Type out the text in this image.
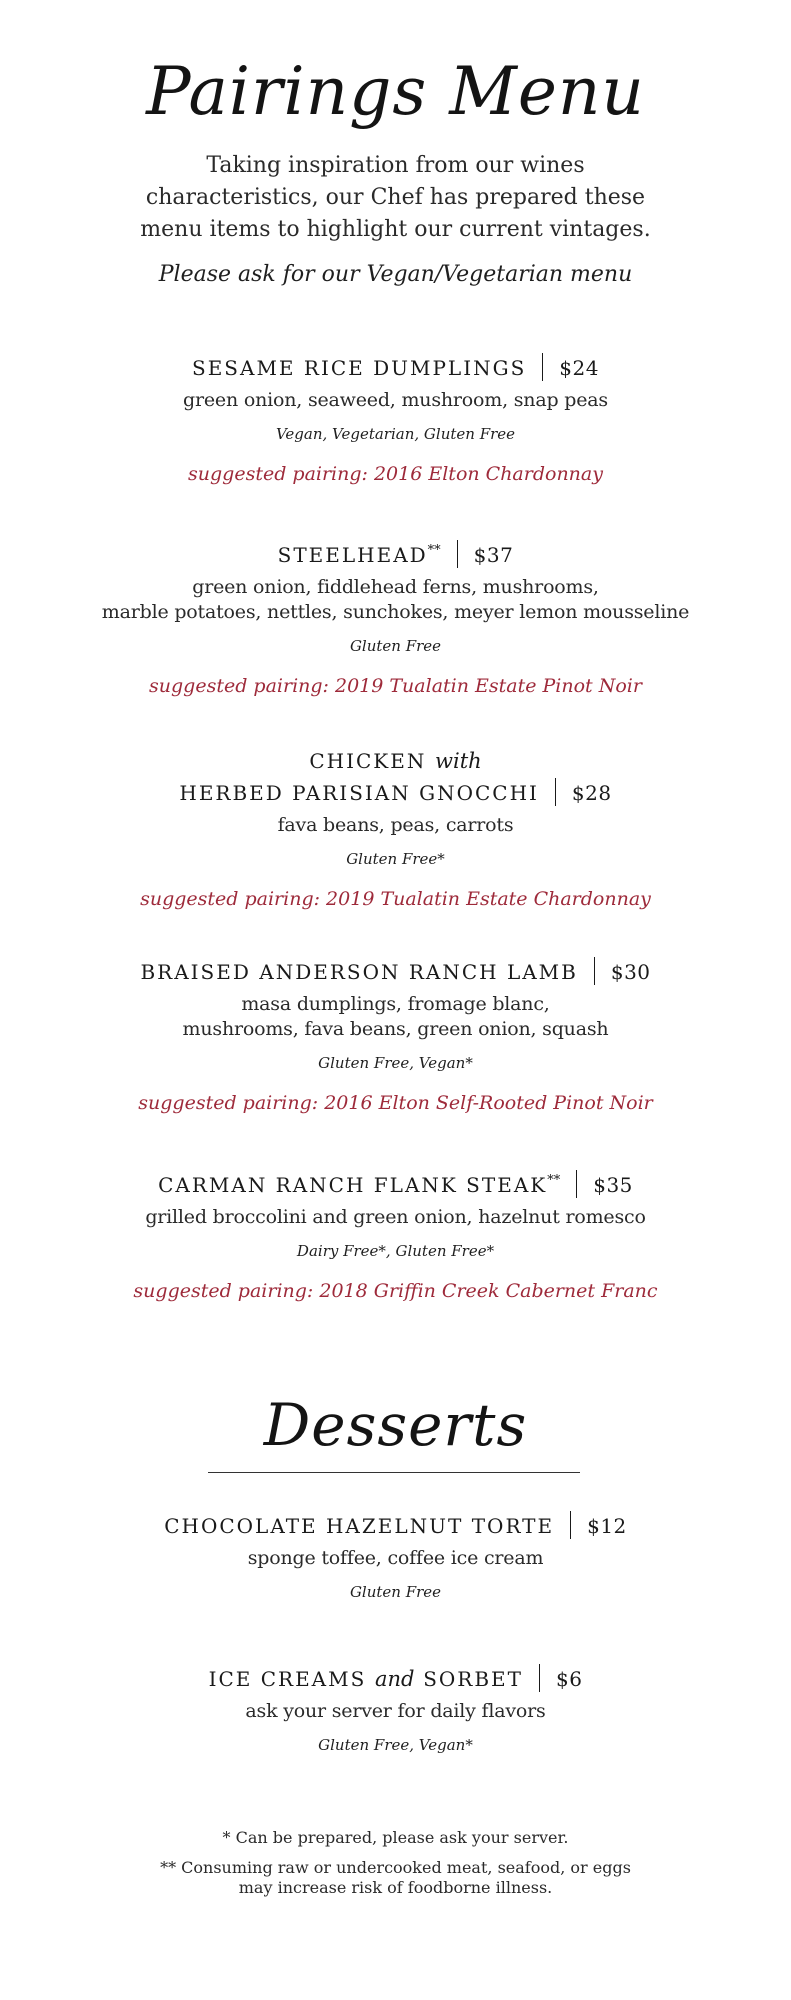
Pairings Menu
Taking inspiration from our wines characteristics, our Chef has prepared these menu items to highlight our current vintages.
Please ask for our Vegan/Vegetarian menu
SESAME RICE DUMPLINGS $24
green onion, seaweed, mushroom, snap peas
Vegan, Vegetarian, Gluten Free
suggested pairing: 2016 Elton Chardonnay
STEELHEAD** $37
green onion, fiddlehead ferns, mushrooms,
marble potatoes, nettles, sunchokes, meyer lemon mousseline
Gluten Free
suggested pairing: 2019 Tualatin Estate Pinot Noir
CHICKEN with
HERBED PARISIAN GNOCCHI $28
fava beans, peas, carrots
Gluten Free*
suggested pairing: 2019 Tualatin Estate Chardonnay
BRAISED ANDERSON RANCH LAMB $30
masa dumplings, fromage blanc,
mushrooms, fava beans, green onion, squash
Gluten Free, Vegan*
suggested pairing: 2016 Elton Self-Rooted Pinot Noir
CARMAN RANCH FLANK STEAK** $35
grilled broccolini and green onion, hazelnut romesco
Dairy Free*, Gluten Free*
suggested pairing: 2018 Griffin Creek Cabernet Franc
Desserts
CHOCOLATE HAZELNUT TORTE $12
sponge toffee, coffee ice cream
Gluten Free
ICE CREAMS and SORBET $6
ask your server for daily flavors
Gluten Free, Vegan*
* Can be prepared, please ask your server.
** Consuming raw or undercooked meat, seafood, or eggs
may increase risk of foodborne illness.
